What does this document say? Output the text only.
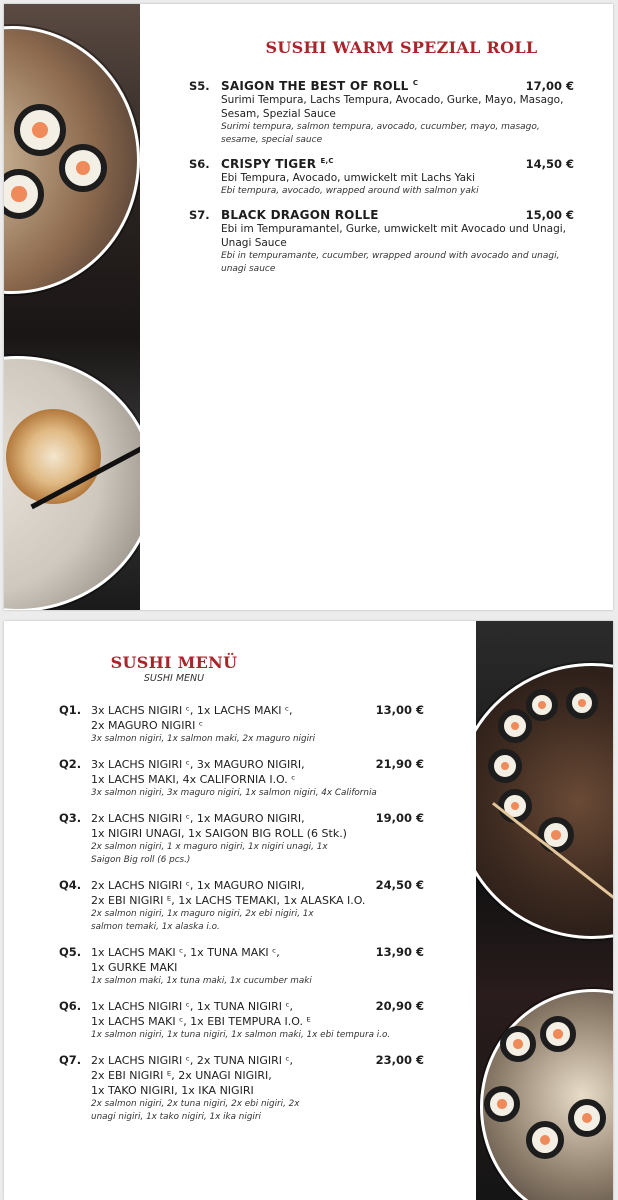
SUSHI WARM SPEZIAL ROLL
S5. SAIGON THE BEST OF ROLL $^C$	17,00 €
Surimi Tempura, Lachs Tempura, Avocado, Gurke, Mayo, Masago, Sesam, Spezial Sauce
Surimi tempura, salmon tempura, avocado, cucumber, mayo, masago, sesame, special sauce
S6. CRISPY TIGER $^{E,C}$	14,50 €
Ebi Tempura, Avocado, umwickelt mit Lachs Yaki
Ebi tempura, avocado, wrapped around with salmon yaki
S7. BLACK DRAGON ROLLE	15,00 €
Ebi im Tempuramantel, Gurke, umwickelt mit Avocado und Unagi, Unagi Sauce
Ebi in tempuramante, cucumber, wrapped around with avocado and unagi, unagi sauce
SUSHI MENÜ
SUSHI MENU
Q1.	13,00 €
3x LACHS NIGIRI ᶜ, 1x LACHS MAKI ᶜ,
2x MAGURO NIGIRI ᶜ
3x salmon nigiri, 1x salmon maki, 2x maguro nigiri
Q2.	21,90 €
3x LACHS NIGIRI ᶜ, 3x MAGURO NIGIRI,
1x LACHS MAKI, 4x CALIFORNIA I.O. ᶜ
3x salmon nigiri, 3x maguro nigiri, 1x salmon nigiri, 4x California
Q3.	19,00 €
2x LACHS NIGIRI ᶜ, 1x MAGURO NIGIRI,
1x NIGIRI UNAGI, 1x SAIGON BIG ROLL (6 Stk.)
2x salmon nigiri, 1 x maguro nigiri, 1x nigiri unagi, 1x Saigon Big roll (6 pcs.)
Q4.	24,50 €
2x LACHS NIGIRI ᶜ, 1x MAGURO NIGIRI,
2x EBI NIGIRI ᴱ, 1x LACHS TEMAKI, 1x ALASKA I.O.
2x salmon nigiri, 1x maguro nigiri, 2x ebi nigiri, 1x salmon temaki, 1x alaska i.o.
Q5.	13,90 €
1x LACHS MAKI ᶜ, 1x TUNA MAKI ᶜ,
1x GURKE MAKI
1x salmon maki, 1x tuna maki, 1x cucumber maki
Q6.	20,90 €
1x LACHS NIGIRI ᶜ, 1x TUNA NIGIRI ᶜ,
1x LACHS MAKI ᶜ, 1x EBI TEMPURA I.O. ᴱ
1x salmon nigiri, 1x tuna nigiri, 1x salmon maki, 1x ebi tempura i.o.
Q7.	23,00 €
2x LACHS NIGIRI ᶜ, 2x TUNA NIGIRI ᶜ,
2x EBI NIGIRI ᴱ, 2x UNAGI NIGIRI,
1x TAKO NIGIRI, 1x IKA NIGIRI
2x salmon nigiri, 2x tuna nigiri, 2x ebi nigiri, 2x unagi nigiri, 1x tako nigiri, 1x ika nigiri
